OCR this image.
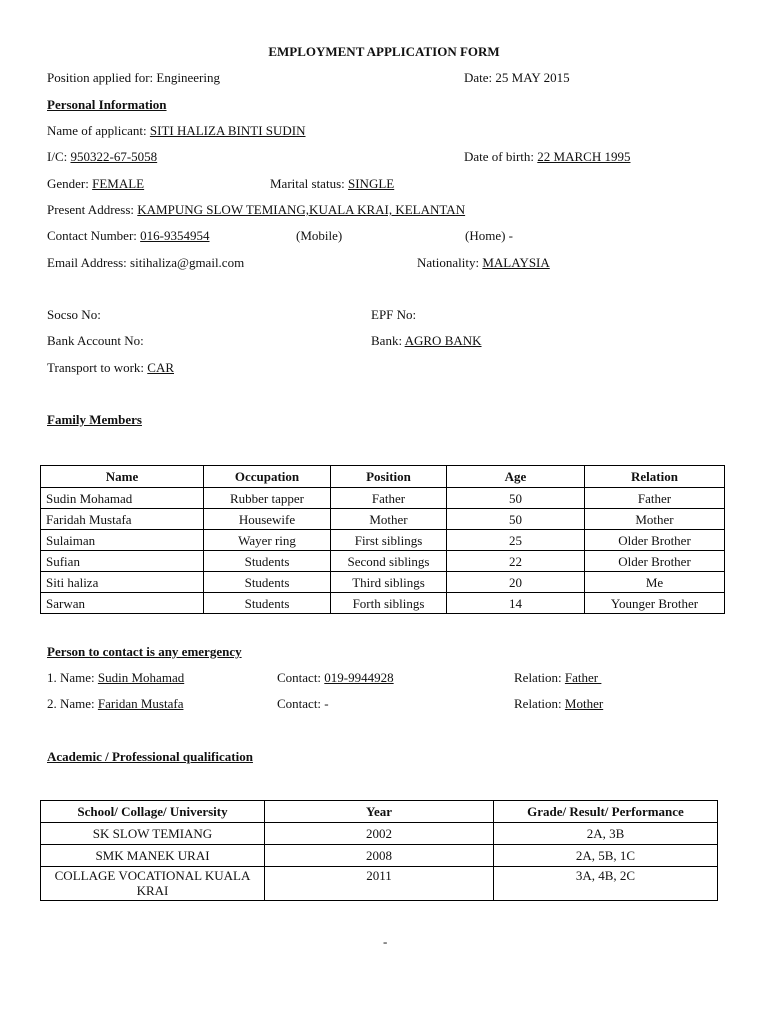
EMPLOYMENT APPLICATION FORM
Position applied for: Engineering	Date: 25 MAY 2015
Personal Information
Name of applicant: SITI HALIZA BINTI SUDIN
I/C: 950322-67-5058	Date of birth: 22 MARCH 1995
Gender: FEMALE	Marital status: SINGLE
Present Address: KAMPUNG SLOW TEMIANG,KUALA KRAI, KELANTAN
Contact Number: 016-9354954	(Mobile)	(Home) -
Email Address: sitihaliza@gmail.com	Nationality: MALAYSIA
Socso No:	EPF No:
Bank Account No:	Bank: AGRO BANK
Transport to work: CAR
Family Members
Name	Occupation	Position	Age	Relation
Sudin Mohamad	Rubber tapper	Father	50	Father
Faridah Mustafa	Housewife	Mother	50	Mother
Sulaiman	Wayer ring	First siblings	25	Older Brother
Sufian	Students	Second siblings	22	Older Brother
Siti haliza	Students	Third siblings	20	Me
Sarwan	Students	Forth siblings	14	Younger Brother
Person to contact is any emergency
1. Name: Sudin Mohamad	Contact: 019-9944928	Relation: Father
2. Name: Faridan Mustafa	Contact: -	Relation: Mother
Academic / Professional qualification
School/ Collage/ University	Year	Grade/ Result/ Performance
SK SLOW TEMIANG	2002	2A, 3B
SMK MANEK URAI	2008	2A, 5B, 1C
COLLAGE VOCATIONAL KUALA KRAI	2011	3A, 4B, 2C
-
